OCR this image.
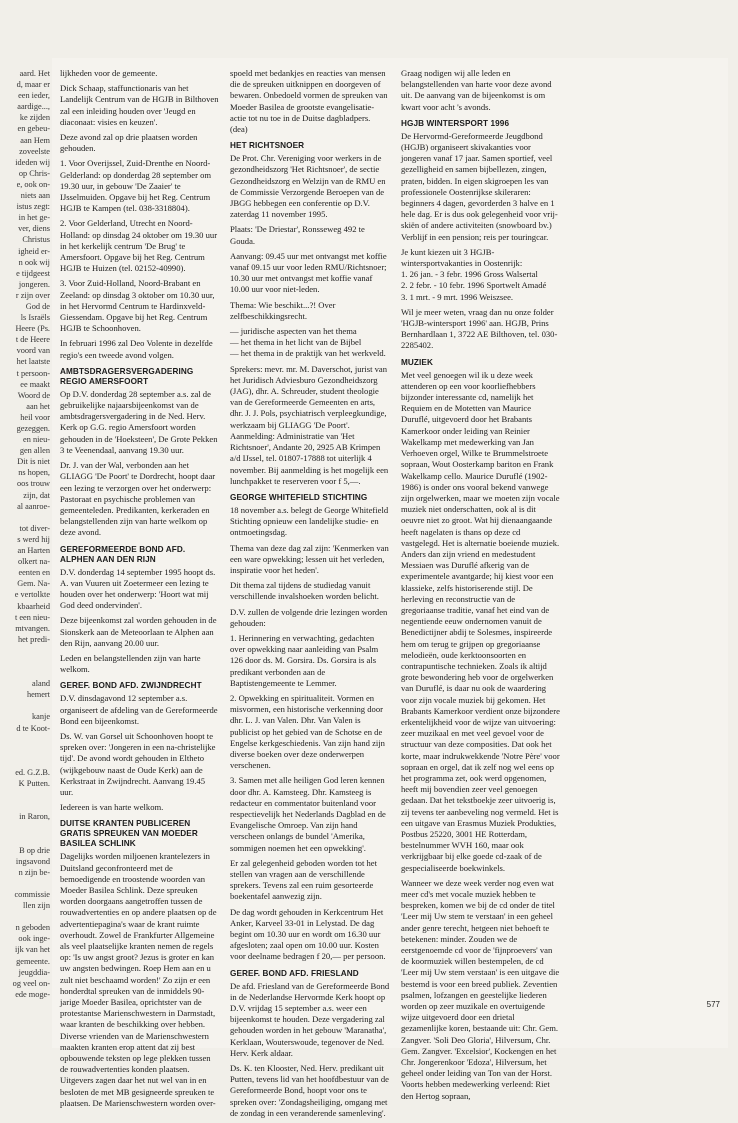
aard. Het
d, maar er
een ieder,
aardige...,
ke zijden
en gebeu-
aan Hem
zoveelste
ideden wij
op Chris-
e, ook on-
niets aan
istus zegt:
in het ge-
ver, diens
Christus
igheid er-
n ook wij
e tijdgeest
jongeren.
r zijn over
God de
ls Israëls
Heere (Ps.
t de Heere
voord van
het laatste
t persoon-
ee maakt
Woord de
aan het
heil voor
gezeggen.
en nieu-
gen allen
Dit is niet
ns hopen,
oos trouw
zijn, dat
al aanroe-
tot diver-
s werd hij
an Harten
olkert na-
eenten en
Gem. Na-
e vertolkte
kbaarheid
t een nieu-
mtvangen.
het predi-
aland
hemert
kanje
d te Koot-
ed. G.Z.B.
K Putten.
in Raron,
B op drie
ingsavond
n zijn be-
commissie
llen zijn
n geboden
ook inge-
ijk van het
gemeente.
jeugddia-
og veel on-
ede moge-

lijkheden voor de gemeente.

Dick Schaap, staffunctionaris van het Landelijk Centrum van de HGJB in Bilthoven zal een inleiding houden over 'Jeugd en diaconaat: visies en keuzen'.

Deze avond zal op drie plaatsen worden gehouden.

1. Voor Overijssel, Zuid-Drenthe en Noord-Gelderland: op donderdag 28 september om 19.30 uur, in gebouw 'De Zaaier' te IJsselmuiden. Opgave bij het Reg. Centrum HGJB te Kampen (tel. 038-3318804).

2. Voor Gelderland, Utrecht en Noord-Holland: op dinsdag 24 oktober om 19.30 uur in het kerkelijk centrum 'De Brug' te Amersfoort. Opgave bij het Reg. Centrum HGJB te Huizen (tel. 02152-40990).

3. Voor Zuid-Holland, Noord-Brabant en Zeeland: op dinsdag 3 oktober om 10.30 uur, in het Hervormd Centrum te Hardinxveld-Giessendam. Opgave bij het Reg. Centrum HGJB te Schoonhoven.

In februari 1996 zal Deo Volente in dezelfde regio's een tweede avond volgen.

AMBTSDRAGERSVERGADERING REGIO AMERSFOORT

Op D.V. donderdag 28 september a.s. zal de gebruikelijke najaarsbijeenkomst van de ambtsdragersvergadering in de Ned. Herv. Kerk op G.G. regio Amersfoort worden gehouden in de 'Hoeksteen', De Grote Pekken 3 te Veenendaal, aanvang 19.30 uur.

Dr. J. van der Wal, verbonden aan het GLIAGG 'De Poort' te Dordrecht, hoopt daar een lezing te verzorgen over het onderwerp: Pastoraat en psychische problemen van gemeenteleden. Predikanten, kerkeraden en belangstellenden zijn van harte welkom op deze avond.

GEREFORMEERDE BOND AFD. ALPHEN AAN DEN RIJN

D.V. donderdag 14 september 1995 hoopt ds. A. van Vuuren uit Zoetermeer een lezing te houden over het onderwerp: 'Hoort wat mij God deed ondervinden'.

Deze bijeenkomst zal worden gehouden in de Sionskerk aan de Meteoorlaan te Alphen aan den Rijn, aanvang 20.00 uur.

Leden en belangstellenden zijn van harte welkom.

GEREF. BOND AFD. ZWIJNDRECHT

D.V. dinsdagavond 12 september a.s. organiseert de afdeling van de Gereformeerde Bond een bijeenkomst.

Ds. W. van Gorsel uit Schoonhoven hoopt te spreken over: 'Jongeren in een na-christelijke tijd'. De avond wordt gehouden in Eltheto (wijkgebouw naast de Oude Kerk) aan de Kerkstraat in Zwijndrecht. Aanvang 19.45 uur.

Iedereen is van harte welkom.

DUITSE KRANTEN PUBLICEREN GRATIS SPREUKEN VAN MOEDER BASILEA SCHLINK

Dagelijks worden miljoenen krantelezers in Duitsland geconfronteerd met de bemoedigende en troostende woorden van Moeder Basilea Schlink. Deze spreuken worden doorgaans aangetroffen tussen de rouwadvertenties en op andere plaatsen op de advertentiepagina's waar de krant ruimte overhoudt. Zowel de Frankfurter Allgemeine als veel plaatselijke kranten nemen de regels op: 'Is uw angst groot? Jezus is groter en kan uw angsten bedwingen. Roep Hem aan en u zult niet beschaamd worden!' Zo zijn er een honderdtal spreuken van de inmiddels 90-jarige Moeder Basilea, oprichtster van de protestantse Marienschwestern in Darmstadt, waar kranten de beschikking over hebben. Diverse vrienden van de Marienschwestern maakten kranten erop attent dat zij best opbouwende teksten op lege plekken tussen de rouwadvertenties konden plaatsen. Uitgevers zagen daar het nut wel van in en besloten de met MB gesigneerde spreuken te plaatsen. De Marienschwestern worden over-

spoeld met bedankjes en reacties van mensen die de spreuken uitknippen en doorgeven of bewaren. Onbedoeld vormen de spreuken van Moeder Basilea de grootste evangelisatie-actie tot nu toe in de Duitse dagbladpers. (dea)

HET RICHTSNOER

De Prot. Chr. Vereniging voor werkers in de gezondheidszorg 'Het Richtsnoer', de sectie Gezondheidszorg en Welzijn van de RMU en de Commissie Verzorgende Beroepen van de JBGG hebbegen een conferentie op D.V. zaterdag 11 november 1995.

Plaats: 'De Driestar', Ronsseweg 492 te Gouda.

Aanvang: 09.45 uur met ontvangst met koffie vanaf 09.15 uur voor leden RMU/Richtsnoer; 10.30 uur met ontvangst met koffie vanaf 10.00 uur voor niet-leden.

Thema: Wie beschikt...?! Over zelfbeschikkingsrecht.

— juridische aspecten van het thema

— het thema in het licht van de Bijbel

— het thema in de praktijk van het werkveld.

Sprekers: mevr. mr. M. Daverschot, jurist van het Juridisch Adviesburo Gezondheidszorg (JAG), dhr. A. Schreuder, student theologie van de Gereformeerde Gemeenten en arts, dhr. J. J. Pols, psychiatrisch verpleegkundige, werkzaam bij GLIAGG 'De Poort'. Aanmelding: Administratie van 'Het Richtsnoer', Andante 20, 2925 AB Krimpen a/d IJssel, tel. 01807-17888 tot uiterlijk 4 november. Bij aanmelding is het mogelijk een lunchpakket te reserveren voor f 5,—.

GEORGE WHITEFIELD STICHTING

18 november a.s. belegt de George Whitefield Stichting opnieuw een landelijke studie- en ontmoetingsdag.

Thema van deze dag zal zijn: 'Kenmerken van een ware opwekking; lessen uit het verleden, inspiratie voor het heden'.

Dit thema zal tijdens de studiedag vanuit verschillende invalshoeken worden belicht.

D.V. zullen de volgende drie lezingen worden gehouden:

1. Herinnering en verwachting, gedachten over opwekking naar aanleiding van Psalm 126 door ds. M. Gorsira. Ds. Gorsira is als predikant verbonden aan de Baptistengemeente te Lemmer.

2. Opwekking en spiritualiteit. Vormen en misvormen, een historische verkenning door dhr. L. J. van Valen. Dhr. Van Valen is publicist op het gebied van de Schotse en de Engelse kerkgeschiedenis. Van zijn hand zijn diverse boeken over deze onderwerpen verschenen.

3. Samen met alle heiligen God leren kennen door dhr. A. Kamsteeg. Dhr. Kamsteeg is redacteur en commentator buitenland voor respectievelijk het Nederlands Dagblad en de Evangelische Omroep. Van zijn hand verscheen onlangs de bundel 'Amerika, sommigen noemen het een opwekking'.

Er zal gelegenheid geboden worden tot het stellen van vragen aan de verschillende sprekers. Tevens zal een ruim gesorteerde boekentafel aanwezig zijn.

De dag wordt gehouden in Kerkcentrum Het Anker, Karveel 33-01 in Lelystad. De dag begint om 10.30 uur en wordt om 16.30 uur afgesloten; zaal open om 10.00 uur. Kosten voor deelname bedragen f 20,— per persoon.

GEREF. BOND AFD. FRIESLAND

De afd. Friesland van de Gereformeerde Bond in de Nederlandse Hervormde Kerk hoopt op D.V. vrijdag 15 september a.s. weer een bijeenkomst te houden. Deze vergadering zal gehouden worden in het gebouw 'Maranatha', Kerklaan, Wouterswoude, tegenover de Ned. Herv. Kerk aldaar.

Ds. K. ten Klooster, Ned. Herv. predikant uit Putten, tevens lid van het hoofdbestuur van de Gereformeerde Bond, hoopt voor ons te spreken over: 'Zondagsheiliging, omgang met de zondag in een veranderende samenleving'.

Graag nodigen wij alle leden en belangstellenden van harte voor deze avond uit. De aanvang van de bijeenkomst is om kwart voor acht 's avonds.

HGJB WINTERSPORT 1996

De Hervormd-Gereformeerde Jeugdbond (HGJB) organiseert skivakanties voor jongeren vanaf 17 jaar. Samen sportief, veel gezelligheid en samen bijbellezen, zingen, praten, bidden. In eigen skigroepen les van professionele Oostenrijkse skileraren: beginners 4 dagen, gevorderden 3 halve en 1 hele dag. Er is dus ook gelegenheid voor vrij-skiën of andere activiteiten (snowboard bv.) Verblijf in een pension; reis per touringcar.

Je kunt kiezen uit 3 HGJB-wintersportvakanties in Oostenrijk:

1. 26 jan. - 3 febr. 1996 Gross Walsertal

2. 2 febr. - 10 febr. 1996 Sportwelt Amadé

3. 1 mrt. - 9 mrt. 1996 Weiszsee.

Wil je meer weten, vraag dan nu onze folder 'HGJB-wintersport 1996' aan. HGJB, Prins Bernhardlaan 1, 3722 AE Bilthoven, tel. 030-2285402.

MUZIEK

Met veel genoegen wil ik u deze week attenderen op een voor koorliefhebbers bijzonder interessante cd, namelijk het Requiem en de Motetten van Maurice Duruflé, uitgevoerd door het Brabants Kamerkoor onder leiding van Reinier Wakelkamp met medewerking van Jan Verhoeven orgel, Wilke te Brummelstroete sopraan, Wout Oosterkamp bariton en Frank Wakelkamp cello. Maurice Duruflé (1902-1986) is onder ons vooral bekend vanwege zijn orgelwerken, maar we moeten zijn vocale muziek niet onderschatten, ook al is dit oeuvre niet zo groot. Wat hij dienaangaande heeft nagelaten is thans op deze cd vastgelegd. Het is alternatie boeiende muziek. Anders dan zijn vriend en medestudent Messiaen was Duruflé afkerig van de experimentele avantgarde; hij kiest voor een klassieke, zelfs historiserende stijl. De herleving en reconstructie van de gregoriaanse traditie, vanaf het eind van de negentiende eeuw ondernomen vanuit de Benedictijner abdij te Solesmes, inspireerde hem om terug te grijpen op gregoriaanse melodieën, oude kerktoonsoorten en contrapuntische technieken. Zoals ik altijd grote bewondering heb voor de orgelwerken van Duruflé, is daar nu ook de waardering voor zijn vocale muziek bij gekomen. Het Brabants Kamerkoor verdient onze bijzondere erkentelijkheid voor de wijze van uitvoering: zeer muzikaal en met veel gevoel voor de structuur van deze composities. Dat ook het korte, maar indrukwekkende 'Notre Père' voor sopraan en orgel, dat ik zelf nog wel eens op het programma zet, ook werd opgenomen, heeft mij bovendien zeer veel genoegen gedaan. Dat het tekstboekje zeer uitvoerig is, zij tevens ter aanbeveling nog vermeld. Het is een uitgave van Erasmus Muziek Produkties, Postbus 25220, 3001 HE Rotterdam, bestelnummer WVH 160, maar ook verkrijgbaar bij elke goede cd-zaak of de gespecialiseerde boekwinkels.

Wanneer we deze week verder nog even wat meer cd's met vocale muziek hebben te bespreken, komen we bij de cd onder de titel 'Leer mij Uw stem te verstaan' in een geheel ander genre terecht, hetgeen niet behoeft te betekenen: minder. Zouden we de eerstgenoemde cd voor de 'fijnproevers' van de koormuziek willen bestempelen, de cd 'Leer mij Uw stem verstaan' is een uitgave die bestemd is voor een breed publiek. Zeventien psalmen, lofzangen en geestelijke liederen worden op zeer muzikale en overtuigende wijze uitgevoerd door een drietal gezamenlijke koren, bestaande uit: Chr. Gem. Zangver. 'Soli Deo Gloria', Hilversum, Chr. Gem. Zangver. 'Excelsior', Kockengen en het Chr. Jongerenkoor 'Edoza', Hilversum, het geheel onder leiding van Ton van der Horst. Voorts hebben medewerking verleend: Riet den Hertog sopraan,

577
